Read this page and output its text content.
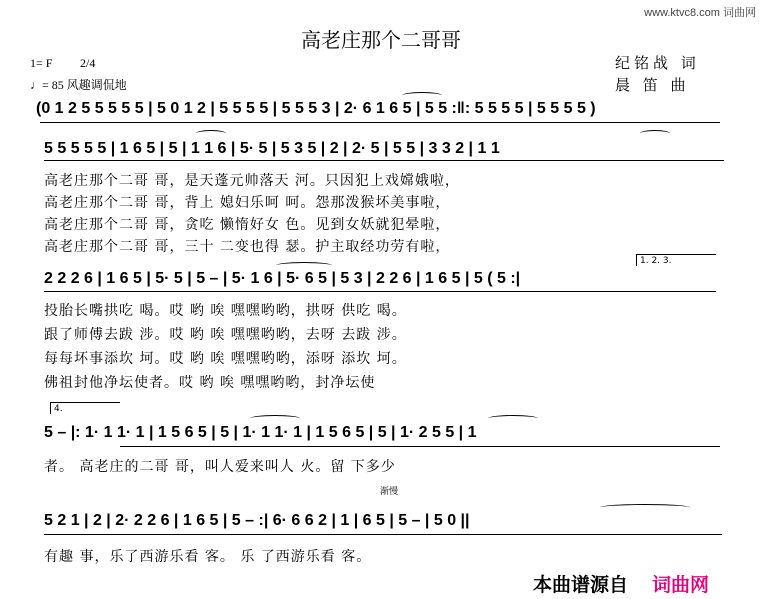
www.ktvc8.com 词曲网
高老庄那个二哥哥
1= F 2/4
♩= 85 风趣调侃地
纪铭战 词
晨 笛 曲
(0 1 2 5 5 5 5 5 | 5 0 1 2 | 5 5 5 5 | 5 5 5 3 | 2· 6 1 6 5 | 5 5 :‖: 5 5 5 5 | 5 5 5 5 )
5 5 5 5 5 | 1 6 5 | 5 | 1 1 6 | 5· 5 | 5 3 5 | 2 | 2· 5 | 5 5 | 3 3 2 | 1 1
高老庄那个二哥 哥，是天蓬元帅落天 河。只因犯上戏嫦娥啦，
高老庄那个二哥 哥，背上 媳妇乐呵 呵。怨那泼猴坏美事啦，
高老庄那个二哥 哥，贪吃 懒惰好女 色。见到女妖就犯晕啦，
高老庄那个二哥 哥，三十 二变也得 瑟。护主取经功劳有啦，
1. 2. 3.
2 2 2 6 | 1 6 5 | 5· 5 | 5 – | 5· 1 6 | 5· 6 5 | 5 3 | 2 2 6 | 1 6 5 | 5 ( 5 :|
投胎长嘴拱吃 喝。哎 哟 唉 嘿嘿哟哟，拱呀 供吃 喝。
跟了师傅去跋 涉。哎 哟 唉 嘿嘿哟哟，去呀 去跋 涉。
每每坏事添坎 坷。哎 哟 唉 嘿嘿哟哟，添呀 添坎 坷。
佛祖封他净坛使者。哎 哟 唉 嘿嘿哟哟，封净坛使
4.
5 – |: 1· 1 1· 1 | 1 5 6 5 | 5 | 1· 1 1· 1 | 1 5 6 5 | 5 | 1· 2 5 5 | 1
者。 高老庄的二哥 哥，叫人爱来叫人 火。留 下多少
渐慢
5 2 1 | 2 | 2· 2 2 6 | 1 6 5 | 5 – :| 6· 6 6 2 | 1 | 6 5 | 5 – | 5 0 ||
有趣 事，乐了西游乐看 客。 乐 了西游乐看 客。
本曲谱源自 词曲网
